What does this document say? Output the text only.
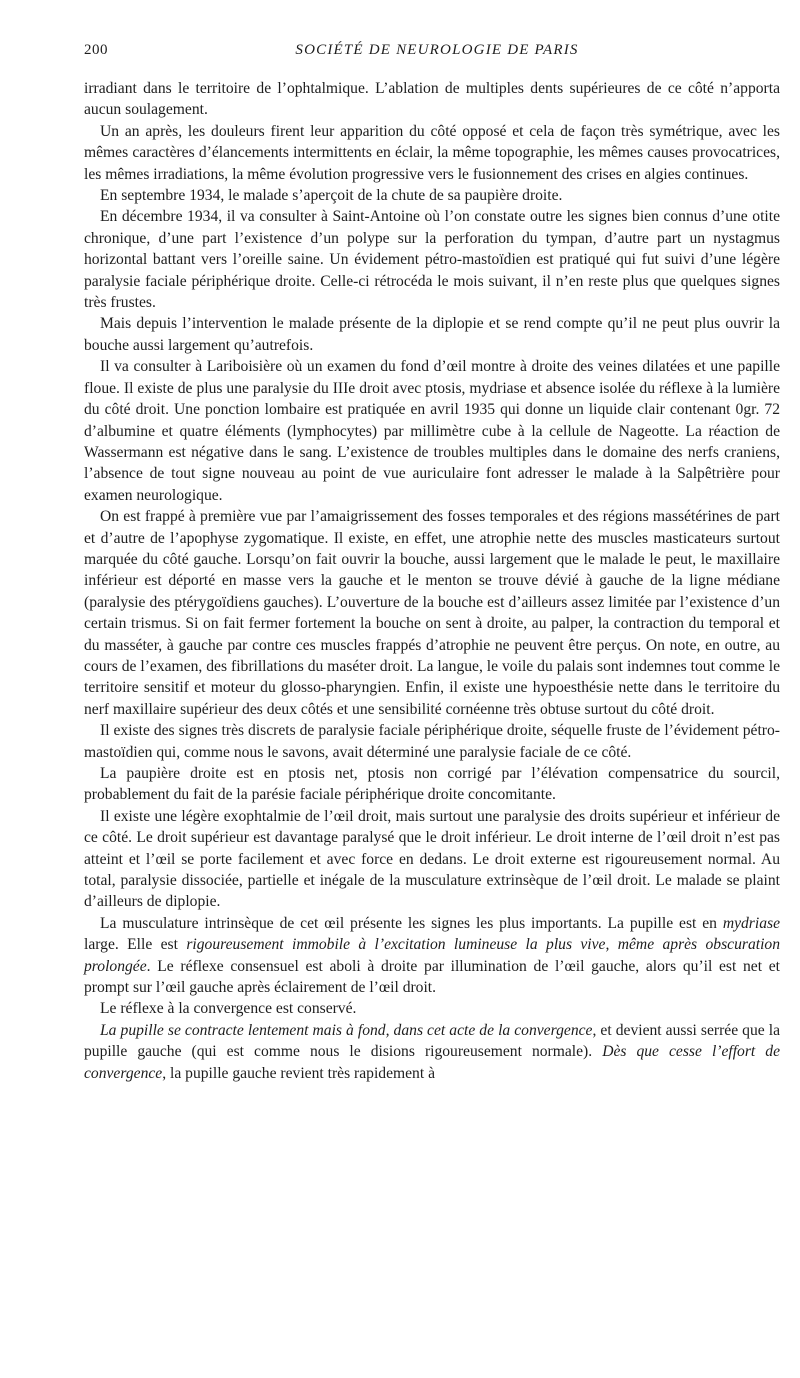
200	SOCIÉTÉ DE NEUROLOGIE DE PARIS

irradiant dans le territoire de l’ophtalmique. L’ablation de multiples dents supérieures de ce côté n’apporta aucun soulagement.

Un an après, les douleurs firent leur apparition du côté opposé et cela de façon très symétrique, avec les mêmes caractères d’élancements intermittents en éclair, la même topographie, les mêmes causes provocatrices, les mêmes irradiations, la même évolution progressive vers le fusionnement des crises en algies continues.

En septembre 1934, le malade s’aperçoit de la chute de sa paupière droite.

En décembre 1934, il va consulter à Saint-Antoine où l’on constate outre les signes bien connus d’une otite chronique, d’une part l’existence d’un polype sur la perforation du tympan, d’autre part un nystagmus horizontal battant vers l’oreille saine. Un évidement pétro-mastoïdien est pratiqué qui fut suivi d’une légère paralysie faciale périphérique droite. Celle-ci rétrocéda le mois suivant, il n’en reste plus que quelques signes très frustes.

Mais depuis l’intervention le malade présente de la diplopie et se rend compte qu’il ne peut plus ouvrir la bouche aussi largement qu’autrefois.

Il va consulter à Lariboisière où un examen du fond d’œil montre à droite des veines dilatées et une papille floue. Il existe de plus une paralysie du IIIe droit avec ptosis, mydriase et absence isolée du réflexe à la lumière du côté droit. Une ponction lombaire est pratiquée en avril 1935 qui donne un liquide clair contenant 0gr. 72 d’albumine et quatre éléments (lymphocytes) par millimètre cube à la cellule de Nageotte. La réaction de Wassermann est négative dans le sang. L’existence de troubles multiples dans le domaine des nerfs craniens, l’absence de tout signe nouveau au point de vue auriculaire font adresser le malade à la Salpêtrière pour examen neurologique.

On est frappé à première vue par l’amaigrissement des fosses temporales et des régions massétérines de part et d’autre de l’apophyse zygomatique. Il existe, en effet, une atrophie nette des muscles masticateurs surtout marquée du côté gauche. Lorsqu’on fait ouvrir la bouche, aussi largement que le malade le peut, le maxillaire inférieur est déporté en masse vers la gauche et le menton se trouve dévié à gauche de la ligne médiane (paralysie des ptérygoïdiens gauches). L’ouverture de la bouche est d’ailleurs assez limitée par l’existence d’un certain trismus. Si on fait fermer fortement la bouche on sent à droite, au palper, la contraction du temporal et du masséter, à gauche par contre ces muscles frappés d’atrophie ne peuvent être perçus. On note, en outre, au cours de l’examen, des fibrillations du maséter droit. La langue, le voile du palais sont indemnes tout comme le territoire sensitif et moteur du glosso-pharyngien. Enfin, il existe une hypoesthésie nette dans le territoire du nerf maxillaire supérieur des deux côtés et une sensibilité cornéenne très obtuse surtout du côté droit.

Il existe des signes très discrets de paralysie faciale périphérique droite, séquelle fruste de l’évidement pétro-mastoïdien qui, comme nous le savons, avait déterminé une paralysie faciale de ce côté.

La paupière droite est en ptosis net, ptosis non corrigé par l’élévation compensatrice du sourcil, probablement du fait de la parésie faciale périphérique droite concomitante.

Il existe une légère exophtalmie de l’œil droit, mais surtout une paralysie des droits supérieur et inférieur de ce côté. Le droit supérieur est davantage paralysé que le droit inférieur. Le droit interne de l’œil droit n’est pas atteint et l’œil se porte facilement et avec force en dedans. Le droit externe est rigoureusement normal. Au total, paralysie dissociée, partielle et inégale de la musculature extrinsèque de l’œil droit. Le malade se plaint d’ailleurs de diplopie.

La musculature intrinsèque de cet œil présente les signes les plus importants. La pupille est en mydriase large. Elle est rigoureusement immobile à l’excitation lumineuse la plus vive, même après obscuration prolongée. Le réflexe consensuel est aboli à droite par illumination de l’œil gauche, alors qu’il est net et prompt sur l’œil gauche après éclairement de l’œil droit.

Le réflexe à la convergence est conservé.

La pupille se contracte lentement mais à fond, dans cet acte de la convergence, et devient aussi serrée que la pupille gauche (qui est comme nous le disions rigoureusement normale). Dès que cesse l’effort de convergence, la pupille gauche revient très rapidement à
